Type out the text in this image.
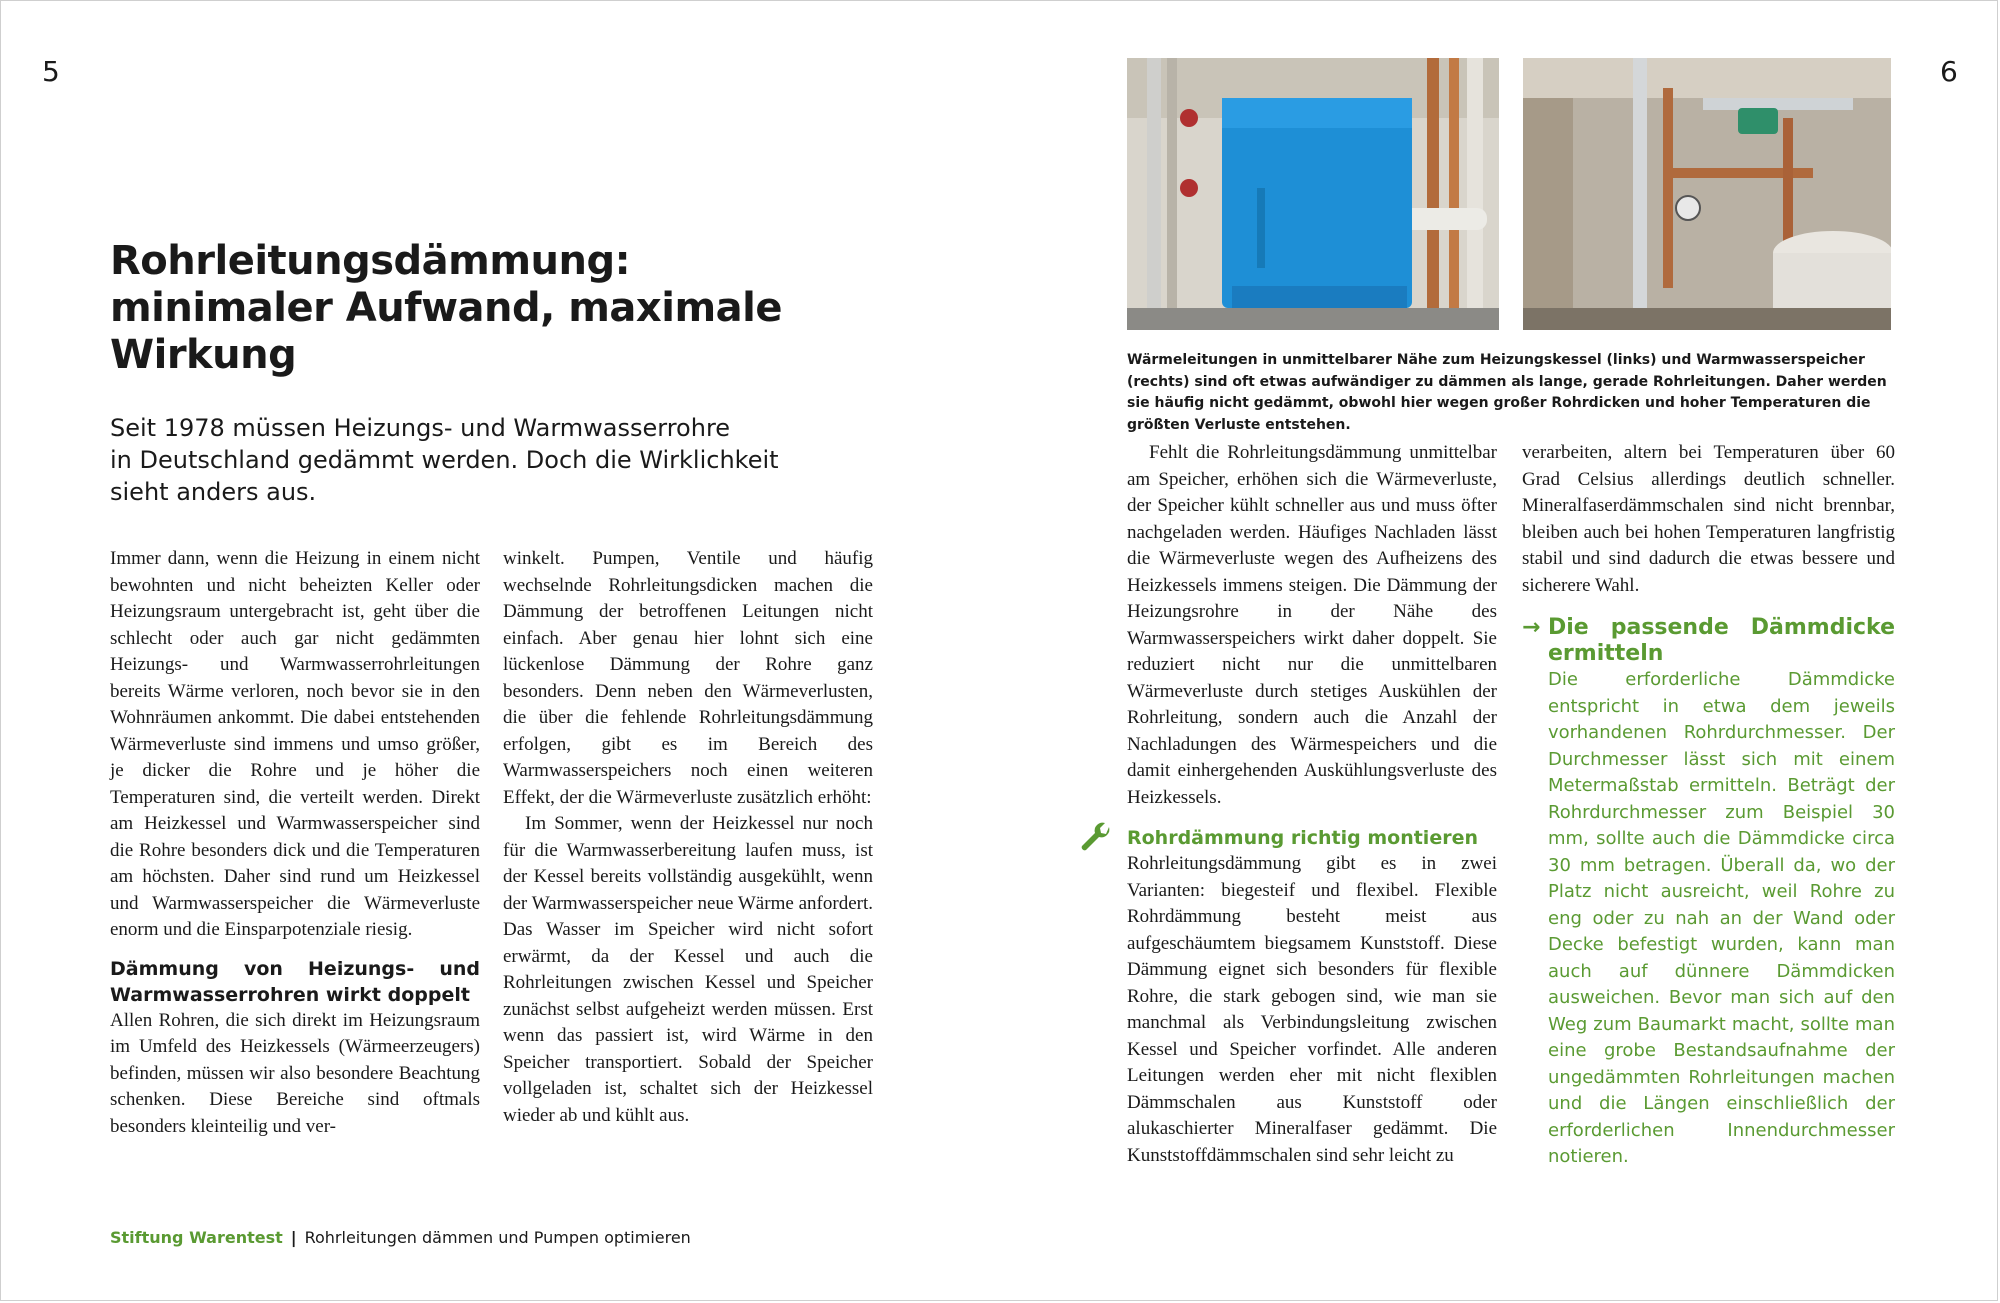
5	6
Rohrleitungsdämmung:
minimaler Aufwand, maximale
Wirkung

Seit 1978 müssen Heizungs- und Warmwasserrohre
in Deutschland gedämmt werden. Doch die Wirklichkeit
sieht anders aus.

Immer dann, wenn die Heizung in einem nicht bewohnten und nicht beheizten Keller oder Heizungsraum untergebracht ist, geht über die schlecht oder auch gar nicht gedämmten Heizungs- und Warmwasserrohrleitungen bereits Wärme verloren, noch bevor sie in den Wohnräumen ankommt. Die dabei entstehenden Wärmeverluste sind immens und umso größer, je dicker die Rohre und je höher die Temperaturen sind, die verteilt werden. Direkt am Heizkessel und Warmwasserspeicher sind die Rohre besonders dick und die Temperaturen am höchsten. Daher sind rund um Heizkessel und Warmwasserspeicher die Wärmeverluste enorm und die Einsparpotenziale riesig.

Dämmung von Heizungs- und Warmwasserrohren wirkt doppelt

Allen Rohren, die sich direkt im Heizungsraum im Umfeld des Heizkessels (Wärmeerzeugers) befinden, müssen wir also besondere Beachtung schenken. Diese Bereiche sind oftmals besonders kleinteilig und ver-

winkelt. Pumpen, Ventile und häufig wechselnde Rohrleitungsdicken machen die Dämmung der betroffenen Leitungen nicht einfach. Aber genau hier lohnt sich eine lückenlose Dämmung der Rohre ganz besonders. Denn neben den Wärmeverlusten, die über die fehlende Rohrleitungsdämmung erfolgen, gibt es im Bereich des Warmwasserspeichers noch einen weiteren Effekt, der die Wärmeverluste zusätzlich erhöht:

Im Sommer, wenn der Heizkessel nur noch für die Warmwasserbereitung laufen muss, ist der Kessel bereits vollständig ausgekühlt, wenn der Warmwasserspeicher neue Wärme anfordert. Das Wasser im Speicher wird nicht sofort erwärmt, da der Kessel und auch die Rohrleitungen zwischen Kessel und Speicher zunächst selbst aufgeheizt werden müssen. Erst wenn das passiert ist, wird Wärme in den Speicher transportiert. Sobald der Speicher vollgeladen ist, schaltet sich der Heizkessel wieder ab und kühlt aus.

Wärmeleitungen in unmittelbarer Nähe zum Heizungskessel (links) und Warmwasserspeicher (rechts) sind oft etwas aufwändiger zu dämmen als lange, gerade Rohrleitungen. Daher werden sie häufig nicht gedämmt, obwohl hier wegen großer Rohrdicken und hoher Temperaturen die größten Verluste entstehen.

Fehlt die Rohrleitungsdämmung unmittelbar am Speicher, erhöhen sich die Wärmeverluste, der Speicher kühlt schneller aus und muss öfter nachgeladen werden. Häufiges Nachladen lässt die Wärmeverluste wegen des Aufheizens des Heizkessels immens steigen. Die Dämmung der Heizungsrohre in der Nähe des Warmwasserspeichers wirkt daher doppelt. Sie reduziert nicht nur die unmittelbaren Wärmeverluste durch stetiges Auskühlen der Rohrleitung, sondern auch die Anzahl der Nachladungen des Wärmespeichers und die damit einhergehenden Auskühlungsverluste des Heizkessels.

Rohrdämmung richtig montieren

Rohrleitungsdämmung gibt es in zwei Varianten: biegesteif und flexibel. Flexible Rohrdämmung besteht meist aus aufgeschäumtem biegsamem Kunststoff. Diese Dämmung eignet sich besonders für flexible Rohre, die stark gebogen sind, wie man sie manchmal als Verbindungsleitung zwischen Kessel und Speicher vorfindet. Alle anderen Leitungen werden eher mit nicht flexiblen Dämmschalen aus Kunststoff oder alukaschierter Mineralfaser gedämmt. Die Kunststoffdämmschalen sind sehr leicht zu

verarbeiten, altern bei Temperaturen über 60 Grad Celsius allerdings deutlich schneller. Mineralfaserdämmschalen sind nicht brennbar, bleiben auch bei hohen Temperaturen langfristig stabil und sind dadurch die etwas bessere und sicherere Wahl.

→ Die passende Dämmdicke ermitteln

Die erforderliche Dämmdicke entspricht in etwa dem jeweils vorhandenen Rohrdurchmesser. Der Durchmesser lässt sich mit einem Metermaßstab ermitteln. Beträgt der Rohrdurchmesser zum Beispiel 30 mm, sollte auch die Dämmdicke circa 30 mm betragen. Überall da, wo der Platz nicht ausreicht, weil Rohre zu eng oder zu nah an der Wand oder Decke befestigt wurden, kann man auch auf dünnere Dämmdicken ausweichen. Bevor man sich auf den Weg zum Baumarkt macht, sollte man eine grobe Bestandsaufnahme der ungedämmten Rohrleitungen machen und die Längen einschließlich der erforderlichen Innendurchmesser notieren.

Stiftung Warentest | Rohrleitungen dämmen und Pumpen optimieren
